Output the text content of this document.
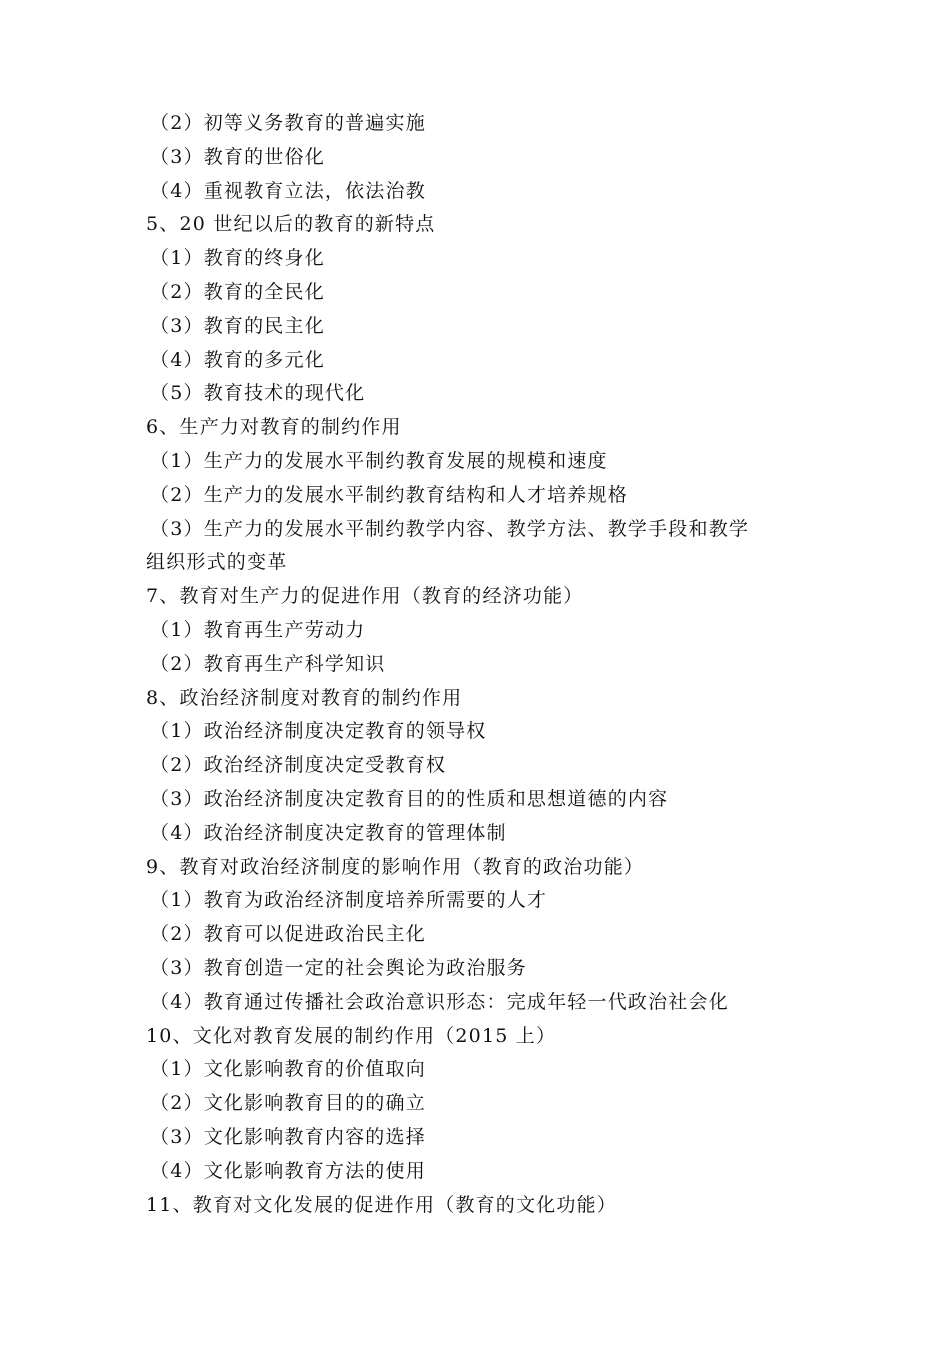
（2）初等义务教育的普遍实施
（3）教育的世俗化
（4）重视教育立法，依法治教
5、20 世纪以后的教育的新特点
（1）教育的终身化
（2）教育的全民化
（3）教育的民主化
（4）教育的多元化
（5）教育技术的现代化
6、生产力对教育的制约作用
（1）生产力的发展水平制约教育发展的规模和速度
（2）生产力的发展水平制约教育结构和人才培养规格
（3）生产力的发展水平制约教学内容、教学方法、教学手段和教学
组织形式的变革
7、教育对生产力的促进作用（教育的经济功能）
（1）教育再生产劳动力
（2）教育再生产科学知识
8、政治经济制度对教育的制约作用
（1）政治经济制度决定教育的领导权
（2）政治经济制度决定受教育权
（3）政治经济制度决定教育目的的性质和思想道德的内容
（4）政治经济制度决定教育的管理体制
9、教育对政治经济制度的影响作用（教育的政治功能）
（1）教育为政治经济制度培养所需要的人才
（2）教育可以促进政治民主化
（3）教育创造一定的社会舆论为政治服务
（4）教育通过传播社会政治意识形态：完成年轻一代政治社会化
10、文化对教育发展的制约作用（2015 上）
（1）文化影响教育的价值取向
（2）文化影响教育目的的确立
（3）文化影响教育内容的选择
（4）文化影响教育方法的使用
11、教育对文化发展的促进作用（教育的文化功能）
